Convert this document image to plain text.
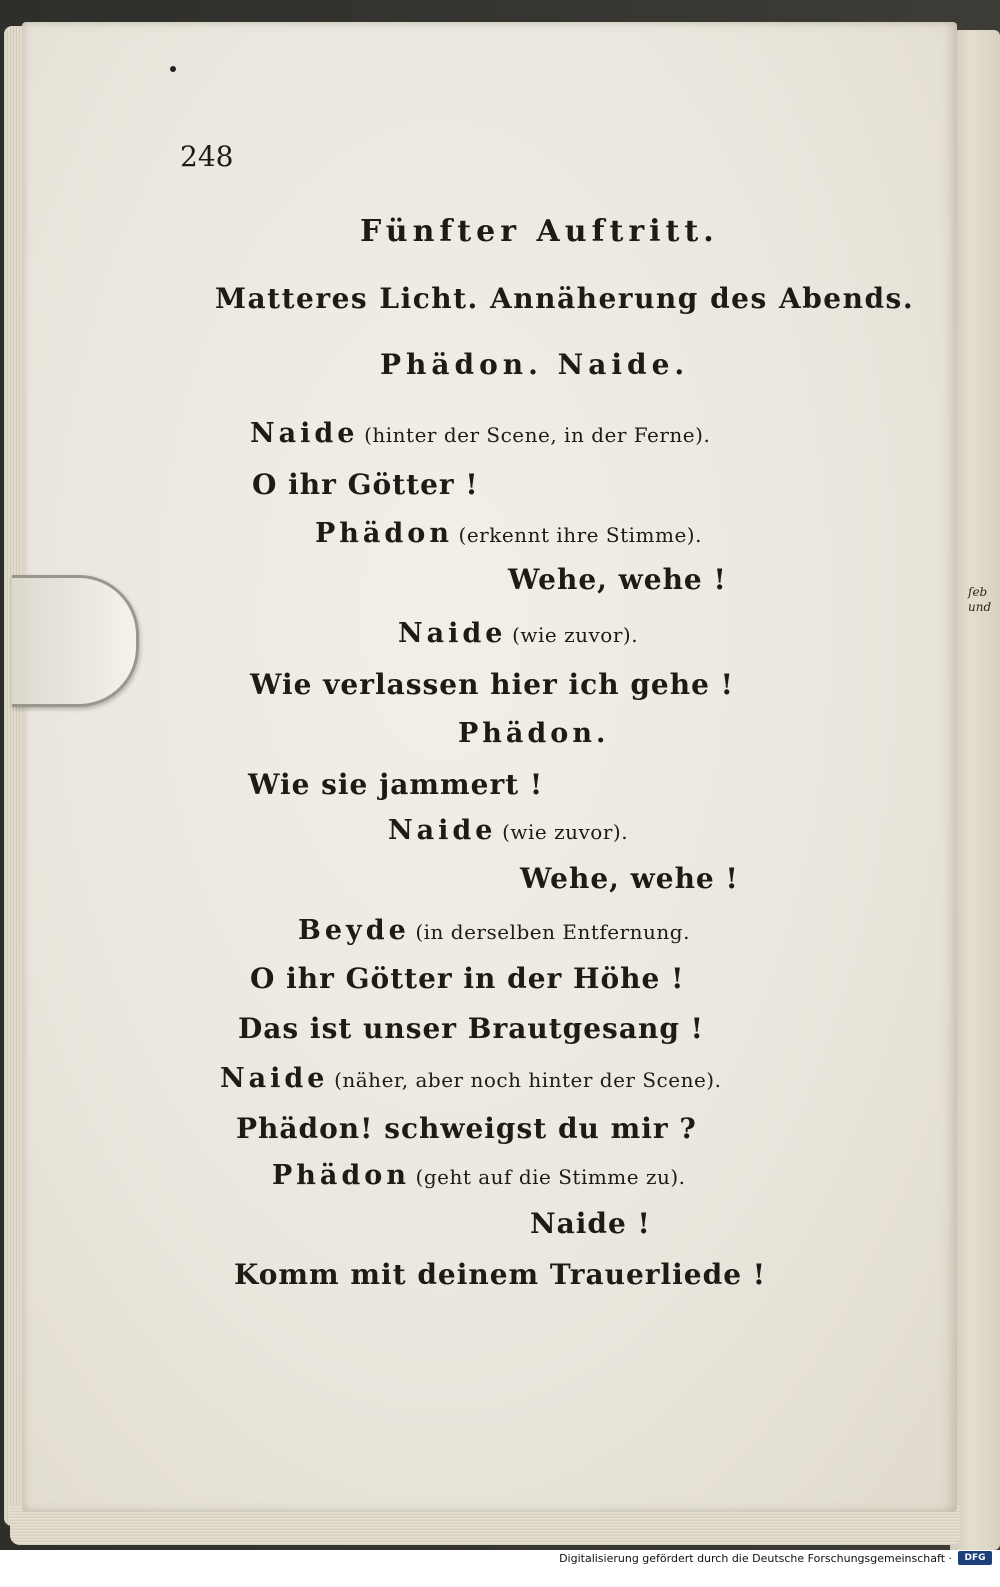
ſeb
und

248

Fünfter Auftritt.

Matteres Licht. Annäherung des Abends.

Phädon. Naide.

Naide (hinter der Scene, in der Ferne).

O ihr Götter !

Phädon (erkennt ihre Stimme).

Wehe, wehe !

Naide (wie zuvor).

Wie verlassen hier ich gehe !

Phädon.

Wie sie jammert !

Naide (wie zuvor).

Wehe, wehe !

Beyde (in derselben Entfernung.

O ihr Götter in der Höhe !

Das ist unser Brautgesang !

Naide (näher, aber noch hinter der Scene).

Phädon! schweigst du mir ?

Phädon (geht auf die Stimme zu).

Naide !

Komm mit deinem Trauerliede !

Digitalisierung gefördert durch die Deutsche Forschungsgemeinschaft ·	DFG
